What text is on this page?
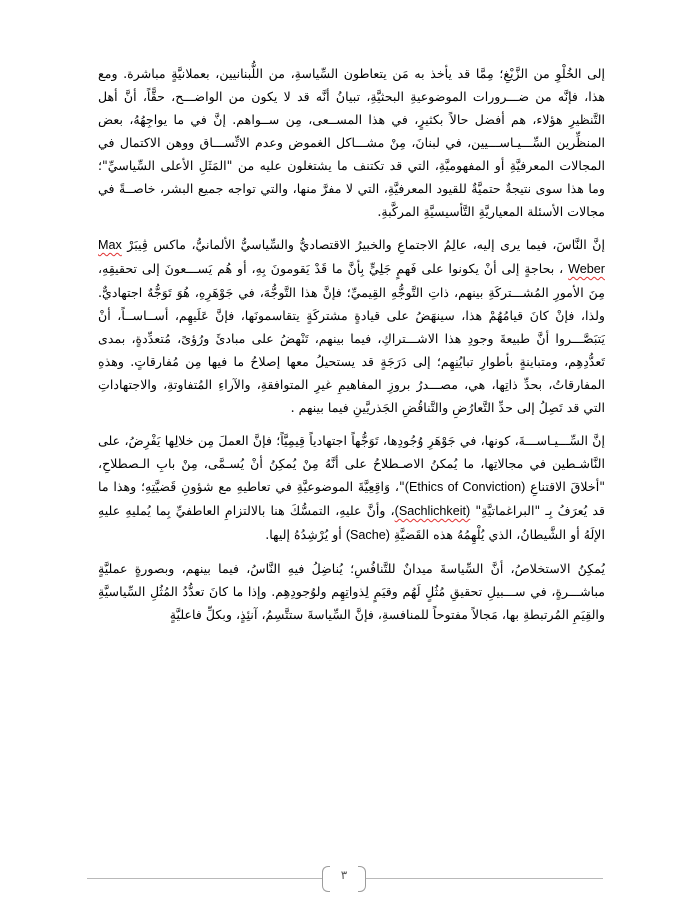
إلى الخُلْوِ من الزَّيْغِ؛ مِمَّا قد يأخذ به مَن يتعاطون السِّياسةِ، من اللُّبنانيين، بعملانيَّةٍ مباشرة. ومع هذا، فإنَّه من ضـــرورات الموضوعيةِ البحثيَّةِ، تبيانُ أنَّه قد لا يكون من الواضـــح، حقًّاً، أنَّ أهل التَّنظيرِ هؤلاء، هم أفضل حالاً بكثيرٍ، في هذا المســعى، مِن ســواهم. إنَّ في ما يواجِهُهُ، بعض المنظِّرين السِّـــيـاســـيين، في لبنانَ، مِنْ مشـــاكل الغموض وعدم الاتِّســـاق ووهن الاكتمال في المجالات المعرفيَّةِ أو المفهوميَّةِ، التي قد تكتنف ما يشتغلون عليه من "المَثَلِ الأعلى السِّياسيِّ"؛ وما هذا سوى نتيجةٌ حتميَّةٌ للقيود المعرفيَّةِ، التي لا مفرَّ منها، والتي تواجه جميع البشر، خاصــةً في مجالات الأسئلة المعياريَّةِ التَّأسيسيَّةِ المركَّبةِ.

إنَّ النَّاسَ، فيما يرى إليه، عالِمُ الاجتماعِ والخبيرُ الاقتصاديُّ والسِّياسيُّ الألمانيُّ، ماكس ڤِيبَرْ Max Weber ، بحاجةٍ إلى أنْ يكونوا على فَهمٍ جَلِيٍّ بِأنَّ ما قَدْ يَقومونَ بِهِ، أو هُم يَســـعونَ إلى تحقيقِهِ، مِنَ الأمورِ المُشـــتركَةِ بينهم، ذاتِ التَّوجُّهِ القِيميِّ؛ فإنَّ هذا التَّوجُّهَ، في جَوْهَرِهِ، هُوَ تَوَجُّهٌ اجتهاديٌّ. ولذا، فإنْ كانَ قيامُهُمْ هذا، سينهَضُ على قيادةٍ مشتركَةٍ يتقاسمونَها، فإنَّ عَلَيهِم، أســاســاً، أنْ يَتبَصَّـــروا أنَّ طبيعةَ وجودِ هذا الاشـــتراكِ، فيما بينهم، تَنْهضُ على مبادئَ ورُؤىً، مُتعدِّدةٍ، بمدى تَعدُّدِهِم، ومتباينةٍ بأطوارِ تبايُنِهِم؛ إلى دَرَجَةٍ قد يستحيلُ معها إصلاحُ ما فيها مِن مُفارقاتٍ. وهذهِ المفارقاتُ، بحدِّ ذاتِها، هي، مصـــدرُ بروزِ المفاهيمِ غيرِ المتوافقةِ، والآراءِ المُتفاوتةِ، والاجتهاداتِ التي قد تَصِلُ إلى حدِّ التَّعارُضِ والتَّناقُضِ الجَذريَّينِ فيما بينهم .

إنَّ السِّـــيـاســـةَ، كونها، في جَوْهَرِ وُجُودِها، تَوَجُّهاً اجتهادياً قِيمِيَّاً؛ فإنَّ العملَ مِن خلالِها يَفْرِضُ، على النَّاشـطين في مجالاتِها، ما يُمكنُ الاصـطلاحُ على أنَّهُ مِنْ يُمكِنُ أنْ يُسـمَّى، مِنْ بابِ الـصطلاحِ، "أخلاقَ الاقتناعِ (Ethics of Conviction)"، وَاقِعِيَّةَ الموضوعيَّةِ في تعاطيهِ مع شؤونِ قَضيَّتِهِ؛ وهذا ما قد يُعرَفُ بِـ "البراغماتيَّةِ" (Sachlichkeit)، وأنَّ عليهِ، التمسُّكَ هنا بالالتزامِ العاطفيِّ بِما يُمليهِ عليهِ الإلَهُ أو الشَّيطانُ، الذي يُلْهِمُهُ هذه القَضيَّةِ (Sache) أو يُرْشِدُهُ إليها.

يُمكِنُ الاستخلاصُ، أنَّ السِّياسةَ ميدانٌ للتَّنافُسِ؛ يُناضِلُ فيهِ النَّاسُ، فيما بينهم، وبصورةٍ عمليَّةٍ مباشـــرةٍ، في ســـبيلِ تحقيقِ مُثُلٍ لَهُم وقيَمٍ لِذواتِهِم ولوُجودِهِم. وإذا ما كانَ تعدُّدُ المُثُلِ السِّياسيَّةِ والقِيَمِ المُرتبطةِ بها، مَجالاً مفتوحاً للمنافسةِ، فإنَّ السِّياسةَ ستتَّسِمُ، آنئِذٍ، وبكلِّ فاعليَّةٍ

٣
